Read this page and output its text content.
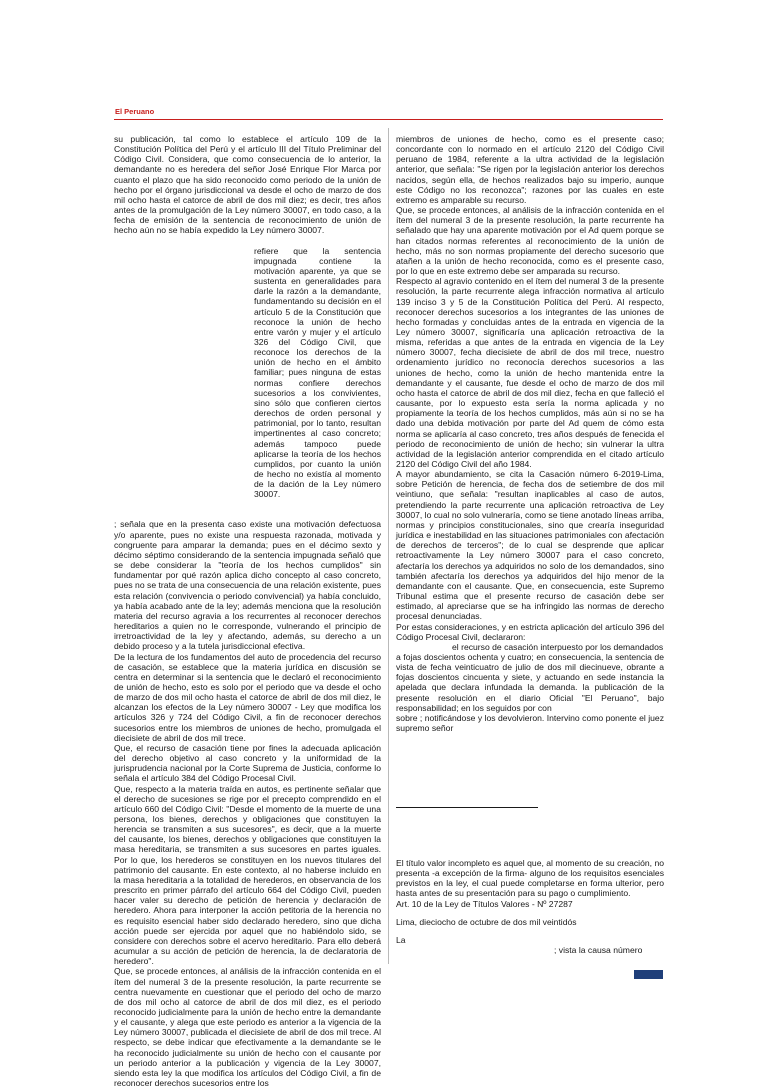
El Peruano

su publicación, tal como lo establece el artículo 109 de la Constitución Política del Perú y el artículo III del Título Preliminar del Código Civil. Considera, que como consecuencia de lo anterior, la demandante no es heredera del señor José Enrique Flor Marca por cuanto el plazo que ha sido reconocido como periodo de la unión de hecho por el órgano jurisdiccional va desde el ocho de marzo de dos mil ocho hasta el catorce de abril de dos mil diez; es decir, tres años antes de la promulgación de la Ley número 30007, en todo caso, a la fecha de emisión de la sentencia de reconocimiento de unión de hecho aún no se había expedido la Ley número 30007.

refiere que la sentencia impugnada contiene la motivación aparente, ya que se sustenta en generalidades para darle la razón a la demandante, fundamentando su decisión en el artículo 5 de la Constitución que reconoce la unión de hecho entre varón y mujer y el artículo 326 del Código Civil, que reconoce los derechos de la unión de hecho en el ámbito familiar; pues ninguna de estas normas confiere derechos sucesorios a los convivientes, sino sólo que confieren ciertos derechos de orden personal y patrimonial, por lo tanto, resultan impertinentes al caso concreto; además tampoco puede aplicarse la teoría de los hechos cumplidos, por cuanto la unión de hecho no existía al momento de la dación de la Ley número 30007.

; señala que en la presenta caso existe una motivación defectuosa y/o aparente, pues no existe una respuesta razonada, motivada y congruente para amparar la demanda; pues en el décimo sexto y décimo séptimo considerando de la sentencia impugnada señaló que se debe considerar la "teoría de los hechos cumplidos" sin fundamentar por qué razón aplica dicho concepto al caso concreto, pues no se trata de una consecuencia de una relación existente, pues esta relación (convivencia o periodo convivencial) ya había concluido, ya había acabado ante de la ley; además menciona que la resolución materia del recurso agravia a los recurrentes al reconocer derechos hereditarios a quien no le corresponde, vulnerando el principio de irretroactividad de la ley y afectando, además, su derecho a un debido proceso y a la tutela jurisdiccional efectiva.

De la lectura de los fundamentos del auto de procedencia del recurso de casación, se establece que la materia jurídica en discusión se centra en determinar si la sentencia que le declaró el reconocimiento de unión de hecho, esto es solo por el periodo que va desde el ocho de marzo de dos mil ocho hasta el catorce de abril de dos mil diez, le alcanzan los efectos de la Ley número 30007 - Ley que modifica los artículos 326 y 724 del Código Civil, a fin de reconocer derechos sucesorios entre los miembros de uniones de hecho, promulgada el diecisiete de abril de dos mil trece.

Que, el recurso de casación tiene por fines la adecuada aplicación del derecho objetivo al caso concreto y la uniformidad de la jurisprudencia nacional por la Corte Suprema de Justicia, conforme lo señala el artículo 384 del Código Procesal Civil.

Que, respecto a la materia traída en autos, es pertinente señalar que el derecho de sucesiones se rige por el precepto comprendido en el artículo 660 del Código Civil: "Desde el momento de la muerte de una persona, los bienes, derechos y obligaciones que constituyen la herencia se transmiten a sus sucesores", es decir, que a la muerte del causante, los bienes, derechos y obligaciones que constituyen la masa hereditaria, se transmiten a sus sucesores en partes iguales. Por lo que, los herederos se constituyen en los nuevos titulares del patrimonio del causante. En este contexto, al no haberse incluido en la masa hereditaria a la totalidad de herederos, en observancia de los prescrito en primer párrafo del artículo 664 del Código Civil, pueden hacer valer su derecho de petición de herencia y declaración de heredero. Ahora para interponer la acción petitoria de la herencia no es requisito esencial haber sido declarado heredero, sino que dicha acción puede ser ejercida por aquel que no habiéndolo sido, se considere con derechos sobre el acervo hereditario. Para ello deberá acumular a su acción de petición de herencia, la de declaratoria de heredero".

Que, se procede entonces, al análisis de la infracción contenida en el ítem del numeral 3 de la presente resolución, la parte recurrente se centra nuevamente en cuestionar que el periodo del ocho de marzo de dos mil ocho al catorce de abril de dos mil diez, es el periodo reconocido judicialmente para la unión de hecho entre la demandante y el causante, y alega que este periodo es anterior a la vigencia de la Ley número 30007, publicada el diecisiete de abril de dos mil trece. Al respecto, se debe indicar que efectivamente a la demandante se le ha reconocido judicialmente su unión de hecho con el causante por un periodo anterior a la publicación y vigencia de la Ley 30007, siendo esta ley la que modifica los artículos del Código Civil, a fin de reconocer derechos sucesorios entre los

miembros de uniones de hecho, como es el presente caso; concordante con lo normado en el artículo 2120 del Código Civil peruano de 1984, referente a la ultra actividad de la legislación anterior, que señala: "Se rigen por la legislación anterior los derechos nacidos, según ella, de hechos realizados bajo su imperio, aunque este Código no los reconozca"; razones por las cuales en este extremo es amparable su recurso.

Que, se procede entonces, al análisis de la infracción contenida en el ítem del numeral 3 de la presente resolución, la parte recurrente ha señalado que hay una aparente motivación por el Ad quem porque se han citados normas referentes al reconocimiento de la unión de hecho, más no son normas propiamente del derecho sucesorio que atañen a la unión de hecho reconocida, como es el presente caso, por lo que en este extremo debe ser amparada su recurso.

Respecto al agravio contenido en el ítem del numeral 3 de la presente resolución, la parte recurrente alega infracción normativa al artículo 139 inciso 3 y 5 de la Constitución Política del Perú. Al respecto, reconocer derechos sucesorios a los integrantes de las uniones de hecho formadas y concluidas antes de la entrada en vigencia de la Ley número 30007, significaría una aplicación retroactiva de la misma, referidas a que antes de la entrada en vigencia de la Ley número 30007, fecha diecisiete de abril de dos mil trece, nuestro ordenamiento jurídico no reconocía derechos sucesorios a las uniones de hecho, como la unión de hecho mantenida entre la demandante y el causante, fue desde el ocho de marzo de dos mil ocho hasta el catorce de abril de dos mil diez, fecha en que falleció el causante, por lo expuesto esta sería la norma aplicada y no propiamente la teoría de los hechos cumplidos, más aún si no se ha dado una debida motivación por parte del Ad quem de cómo esta norma se aplicaría al caso concreto, tres años después de fenecida el periodo de reconocimiento de unión de hecho; sin vulnerar la ultra actividad de la legislación anterior comprendida en el citado artículo 2120 del Código Civil del año 1984.

A mayor abundamiento, se cita la Casación número 6-2019-Lima, sobre Petición de herencia, de fecha dos de setiembre de dos mil veintiuno, que señala: "resultan inaplicables al caso de autos, pretendiendo la parte recurrente una aplicación retroactiva de Ley 30007, lo cual no solo vulneraría, como se tiene anotado líneas arriba, normas y principios constitucionales, sino que crearía inseguridad jurídica e inestabilidad en las situaciones patrimoniales con afectación de derechos de terceros"; de lo cual se desprende que aplicar retroactivamente la Ley número 30007 para el caso concreto, afectaría los derechos ya adquiridos no solo de los demandados, sino también afectaría los derechos ya adquiridos del hijo menor de la demandante con el causante. Que, en consecuencia, este Supremo Tribunal estima que el presente recurso de casación debe ser estimado, al apreciarse que se ha infringido las normas de derecho procesal denunciadas.

Por estas consideraciones, y en estricta aplicación del artículo 396 del Código Procesal Civil, declararon:

el recurso de casación interpuesto por los demandados

a fojas doscientos ochenta y cuatro; en consecuencia, la sentencia de vista de fecha veinticuatro de julio de dos mil diecinueve, obrante a fojas doscientos cincuenta y siete, y actuando en sede instancia la apelada que declara infundada la demanda. la publicación de la presente resolución en el diario Oficial "El Peruano", bajo responsabilidad; en los seguidos por con

sobre ; notificándose y los devolvieron. Intervino como ponente el juez supremo señor

El título valor incompleto es aquel que, al momento de su creación, no presenta -a excepción de la firma- alguno de los requisitos esenciales previstos en la ley, el cual puede completarse en forma ulterior, pero hasta antes de su presentación para su pago o cumplimiento.

Art. 10 de la Ley de Títulos Valores - Nº 27287

Lima, dieciocho de octubre de dos mil veintidós

La

; vista la causa número
